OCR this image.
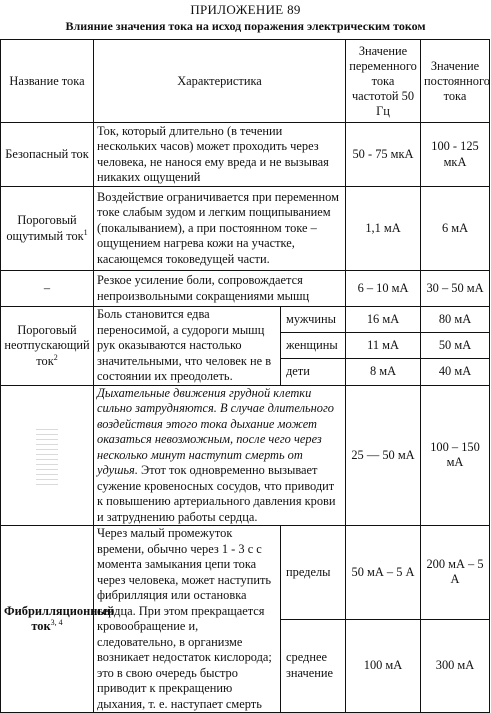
ПРИЛОЖЕНИЕ 89
Влияние значения тока на исход поражения электрическим током
Название тока	Характеристика		Значение переменного тока частотой 50 Гц	Значение постоянного тока
Безопасный ток	Ток, который длительно (в течении нескольких часов) может проходить через человека, не нанося ему вреда и не вызывая никаких ощущений		50 - 75 мкА	100 - 125 мкА
Пороговый ощутимый ток$^1$	Воздействие ограничивается при переменном токе слабым зудом и легким пощипыванием (покалыванием), а при постоянном токе – ощущением нагрева кожи на участке, касающемся токоведущей части.		1,1 мА	6 мА
–	Резкое усиление боли, сопровождается непроизвольными сокращениями мышц		6 – 10 мА	30 – 50 мА
Пороговый неотпускающий ток$^2$	Боль становится едва переносимой, а судороги мышц рук оказываются настолько значительными, что человек не в состоянии их преодолеть.	мужчины	16 мА	80 мА
		женщины	11 мА	50 мА
		дети	8 мА	40 мА

	Дыхательные движения грудной клетки сильно затрудняются. В случае длительного воздействия этого тока дыхание может оказаться невозможным, после чего через несколько минут наступит смерть от удушья. Этот ток одновременно вызывает сужение кровеносных сосудов, что приводит к повышению артериального давления крови и затруднению работы сердца.		25 — 50 мА	100 – 150 мА
Фибрилляционный ток$^{3, 4}$	Через малый промежуток времени, обычно через 1 - 3 с с момента замыкания цепи тока через человека, может наступить фибрилляция или остановка сердца. При этом прекращается кровообращение и, следовательно, в организме возникает недостаток кислорода; это в свою очередь быстро приводит к прекращению дыхания, т. е. наступает смерть	пределы	50 мА – 5 А	200 мА – 5 А
		среднее значение	100 мА	300 мА
